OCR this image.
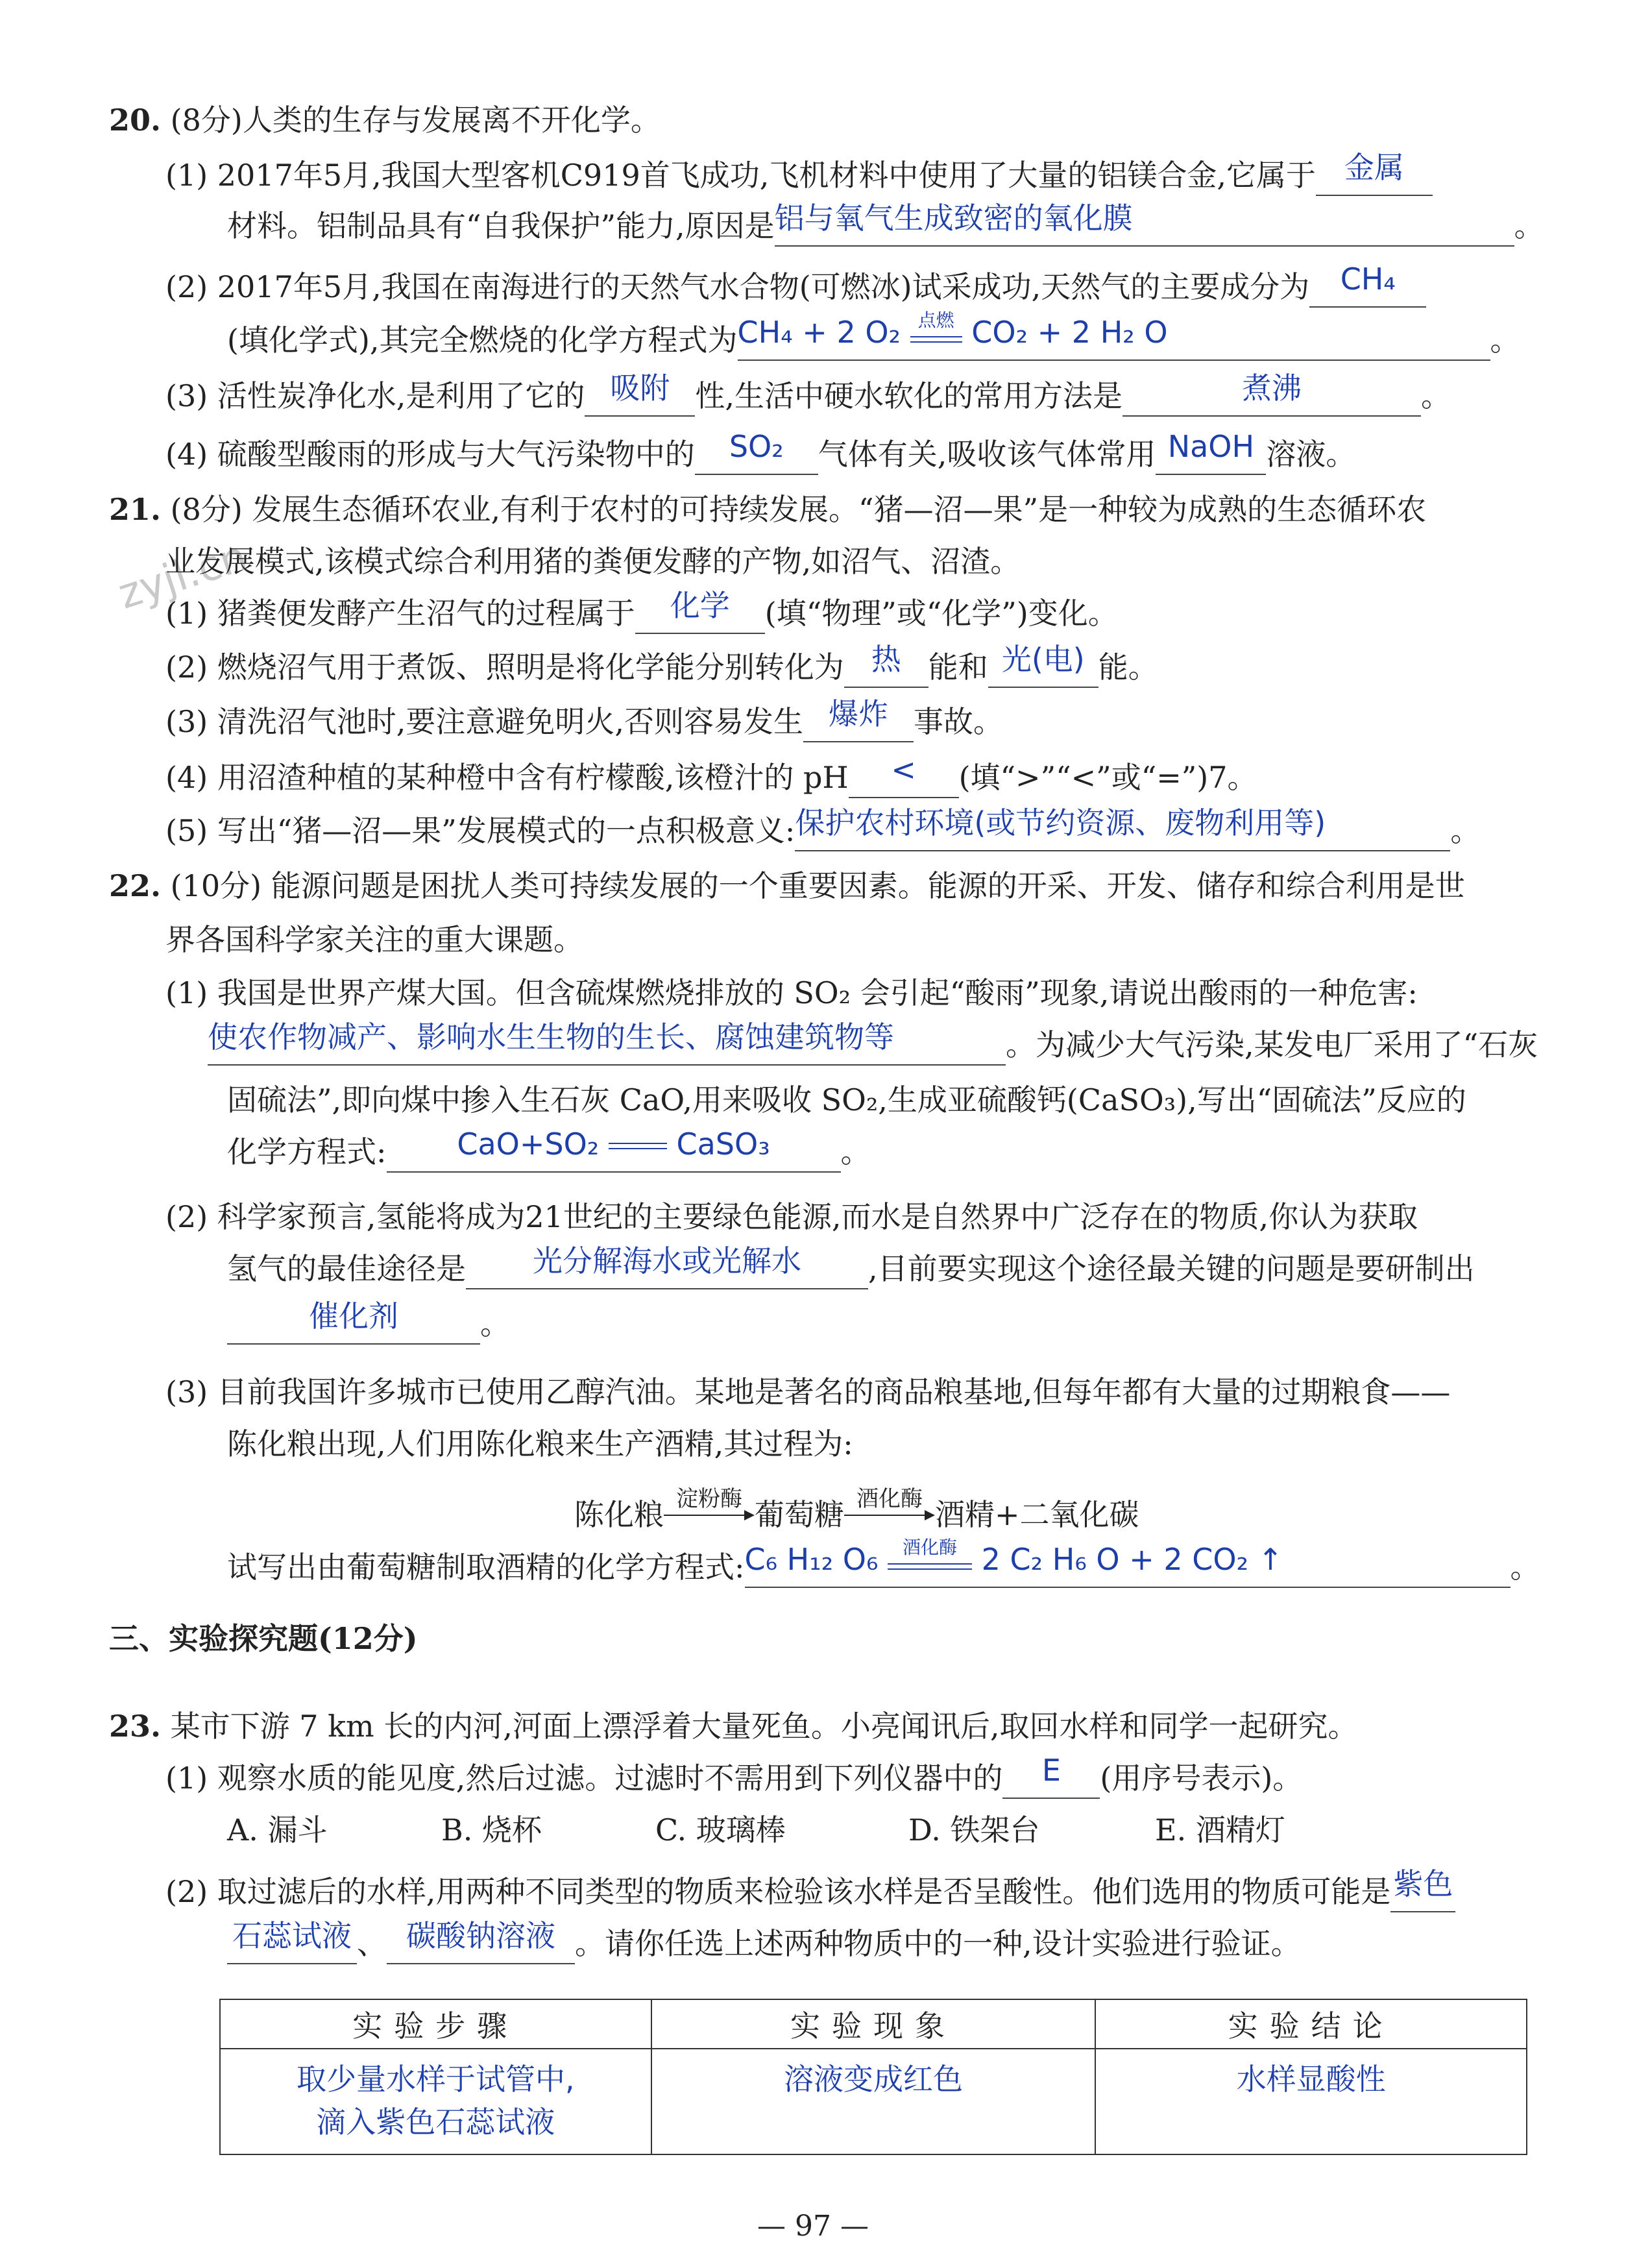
zyjl.cn
20. (8分)人类的生存与发展离不开化学。
(1) 2017年5月,我国大型客机C919首飞成功,飞机材料中使用了大量的铝镁合金,它属于 金属
材料。铝制品具有“自我保护”能力,原因是铝与氧气生成致密的氧化膜	。
(2) 2017年5月,我国在南海进行的天然气水合物(可燃冰)试采成功,天然气的主要成分为 CH₄
(填化学式),其完全燃烧的化学方程式为CH₄ + 2 O₂ 点燃 CO₂ + 2 H₂ O	。
(3) 活性炭净化水,是利用了它的 吸附 性,生活中硬水软化的常用方法是	煮沸	。
(4) 硫酸型酸雨的形成与大气污染物中的 SO₂ 气体有关,吸收该气体常用 NaOH 溶液。
21. (8分) 发展生态循环农业,有利于农村的可持续发展。“猪—沼—果”是一种较为成熟的生态循环农
业发展模式,该模式综合利用猪的粪便发酵的产物,如沼气、沼渣。
(1) 猪粪便发酵产生沼气的过程属于 化学 (填“物理”或“化学”)变化。
(2) 燃烧沼气用于煮饭、照明是将化学能分别转化为 热 能和 光(电) 能。
(3) 清洗沼气池时,要注意避免明火,否则容易发生 爆炸 事故。
(4) 用沼渣种植的某种橙中含有柠檬酸,该橙汁的 pH < (填“>”“<”或“=”)7。
(5) 写出“猪—沼—果”发展模式的一点积极意义:保护农村环境(或节约资源、废物利用等)	。
22. (10分) 能源问题是困扰人类可持续发展的一个重要因素。能源的开采、开发、储存和综合利用是世
界各国科学家关注的重大课题。
(1) 我国是世界产煤大国。但含硫煤燃烧排放的 SO₂ 会引起“酸雨”现象,请说出酸雨的一种危害:
使农作物减产、影响水生生物的生长、腐蚀建筑物等	。为减少大气污染,某发电厂采用了“石灰
固硫法”,即向煤中掺入生石灰 CaO,用来吸收 SO₂,生成亚硫酸钙(CaSO₃),写出“固硫法”反应的
化学方程式: CaO+SO₂	CaSO₃ 。
(2) 科学家预言,氢能将成为21世纪的主要绿色能源,而水是自然界中广泛存在的物质,你认为获取
氢气的最佳途径是 光分解海水或光解水 ,目前要实现这个途径最关键的问题是要研制出
催化剂	。
(3) 目前我国许多城市已使用乙醇汽油。某地是著名的商品粮基地,但每年都有大量的过期粮食——
陈化粮出现,人们用陈化粮来生产酒精,其过程为:
陈化粮 淀粉酶 葡萄糖 酒化酶 酒精+二氧化碳
试写出由葡萄糖制取酒精的化学方程式:C₆ H₁₂ O₆	酒化酶 2 C₂ H₆ O + 2 CO₂ ↑	。
三、实验探究题(12分)
23. 某市下游 7 km 长的内河,河面上漂浮着大量死鱼。小亮闻讯后,取回水样和同学一起研究。
(1) 观察水质的能见度,然后过滤。过滤时不需用到下列仪器中的 E (用序号表示)。
A. 漏斗	B. 烧杯	C. 玻璃棒	D. 铁架台	E. 酒精灯
(2) 取过滤后的水样,用两种不同类型的物质来检验该水样是否呈酸性。他们选用的物质可能是紫色
石蕊试液 、 碳酸钠溶液 。请你任选上述两种物质中的一种,设计实验进行验证。
实验步骤	实验现象	实验结论

取少量水样于试管中,
滴入紫色石蕊试液	溶液变成红色	水样显酸性
— 97 —
